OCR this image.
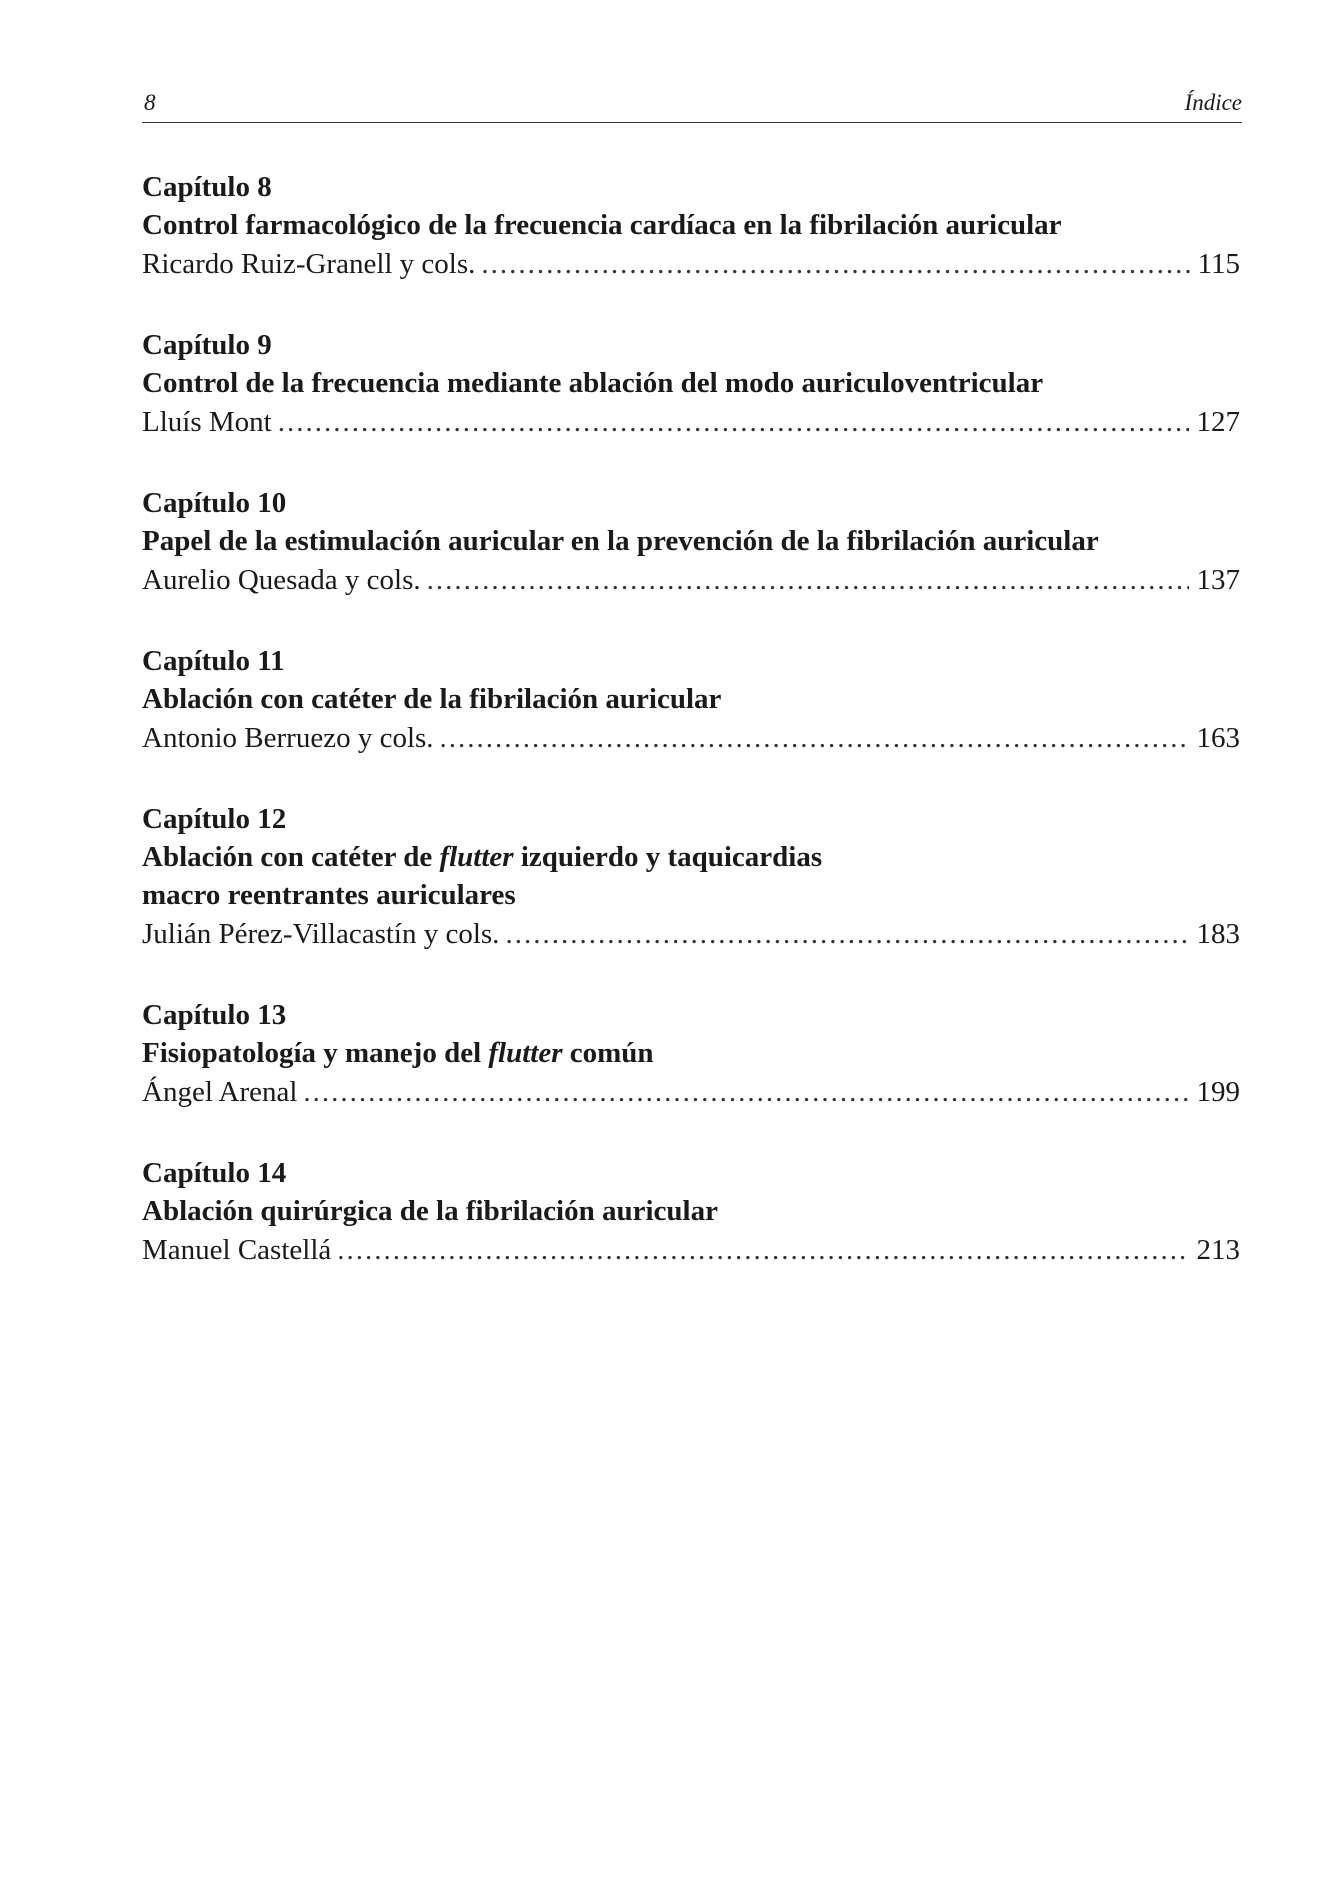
8	Índice
Capítulo 8
Control farmacológico de la frecuencia cardíaca en la fibrilación auricular
Ricardo Ruiz-Granell y cols. .....	115
Capítulo 9
Control de la frecuencia mediante ablación del modo auriculoventricular
Lluís Mont .....	127
Capítulo 10
Papel de la estimulación auricular en la prevención de la fibrilación auricular
Aurelio Quesada y cols. .....	137
Capítulo 11
Ablación con catéter de la fibrilación auricular
Antonio Berruezo y cols. .....	163
Capítulo 12
Ablación con catéter de flutter izquierdo y taquicardias
macro reentrantes auriculares
Julián Pérez-Villacastín y cols. .....	183
Capítulo 13
Fisiopatología y manejo del flutter común
Ángel Arenal .....	199
Capítulo 14
Ablación quirúrgica de la fibrilación auricular
Manuel Castellá .....	213
